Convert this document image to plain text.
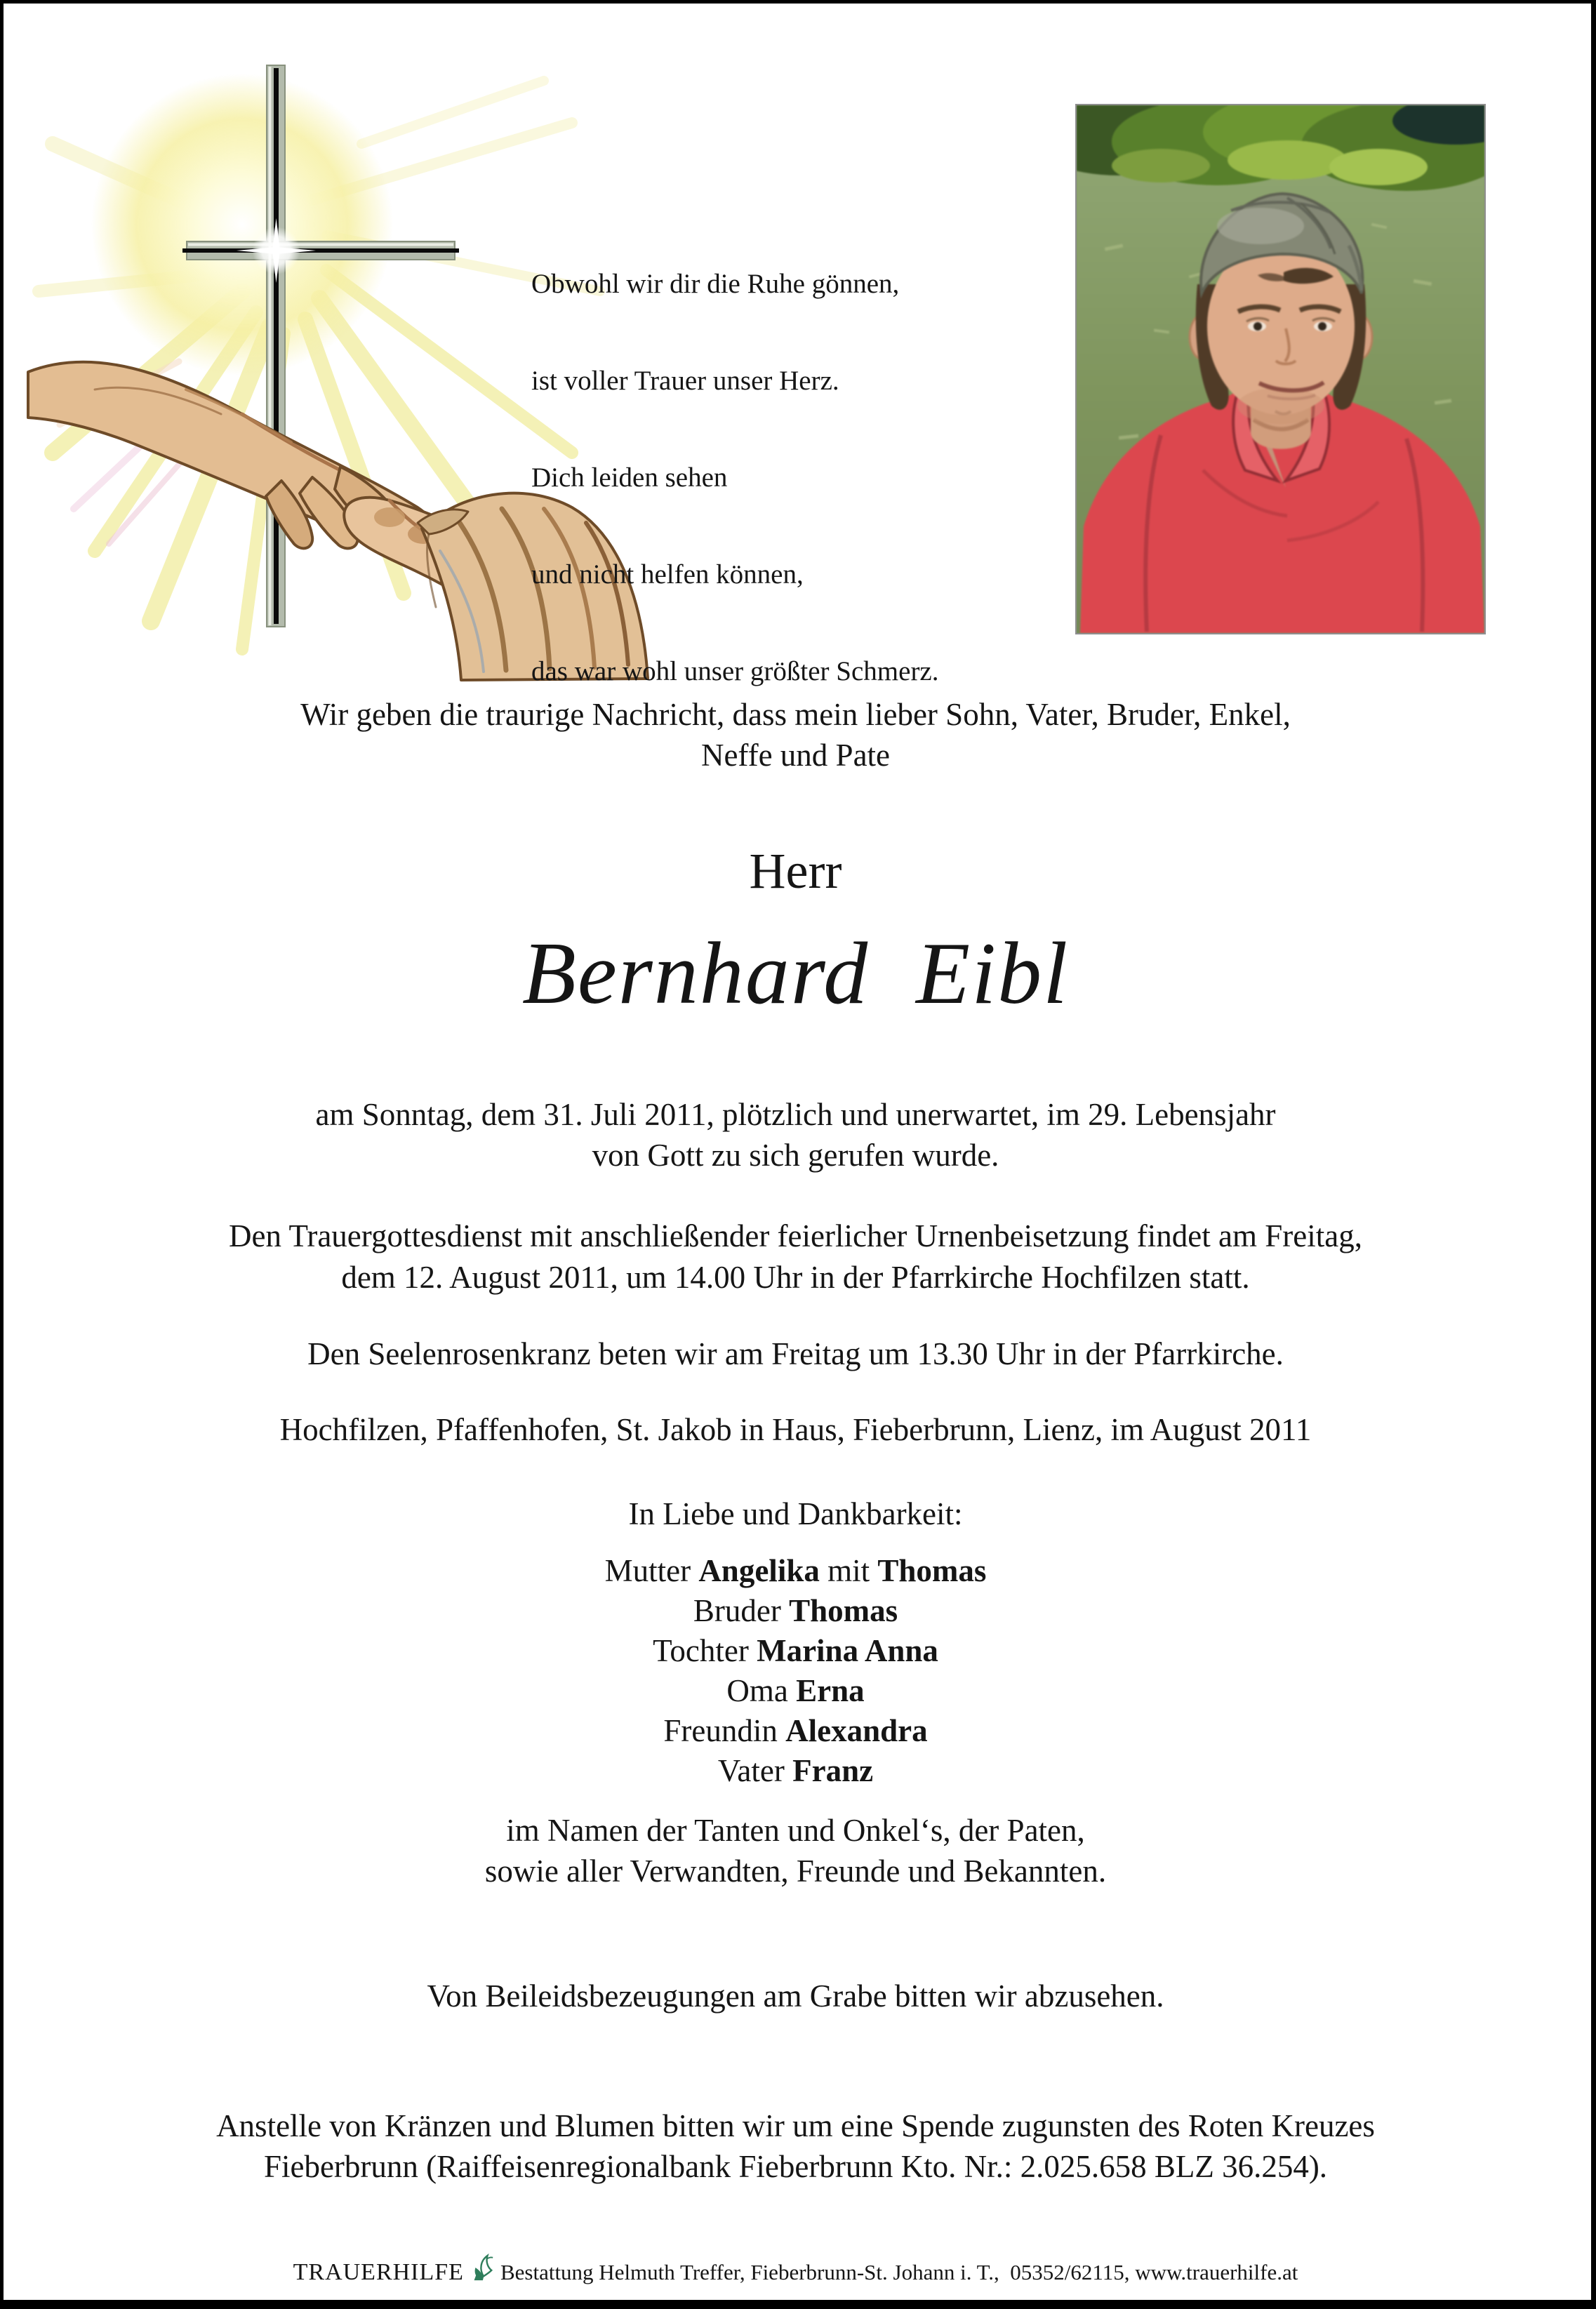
Obwohl wir dir die Ruhe gönnen,

ist voller Trauer unser Herz.

Dich leiden sehen

und nicht helfen können,

das war wohl unser größter Schmerz.

Wir geben die traurige Nachricht, dass mein lieber Sohn, Vater, Bruder, Enkel,
Neffe und Pate
Herr
Bernhard  Eibl
am Sonntag, dem 31. Juli 2011, plötzlich und unerwartet, im 29. Lebensjahr
von Gott zu sich gerufen wurde.
Den Trauergottesdienst mit anschließender feierlicher Urnenbeisetzung findet am Freitag,
dem 12. August 2011, um 14.00 Uhr in der Pfarrkirche Hochfilzen statt.
Den Seelenrosenkranz beten wir am Freitag um 13.30 Uhr in der Pfarrkirche.
Hochfilzen, Pfaffenhofen, St. Jakob in Haus, Fieberbrunn, Lienz, im August 2011
In Liebe und Dankbarkeit:
Mutter Angelika mit Thomas
Bruder Thomas
Tochter Marina Anna
Oma Erna
Freundin Alexandra
Vater Franz
im Namen der Tanten und Onkel‘s, der Paten,
sowie aller Verwandten, Freunde und Bekannten.
Von Beileidsbezeugungen am Grabe bitten wir abzusehen.
Anstelle von Kränzen und Blumen bitten wir um eine Spende zugunsten des Roten Kreuzes
Fieberbrunn (Raiffeisenregionalbank Fieberbrunn Kto. Nr.: 2.025.658 BLZ 36.254).
TRAUERHILFE Bestattung Helmuth Treffer, Fieberbrunn-St. Johann i. T.,  05352/62115, www.trauerhilfe.at
